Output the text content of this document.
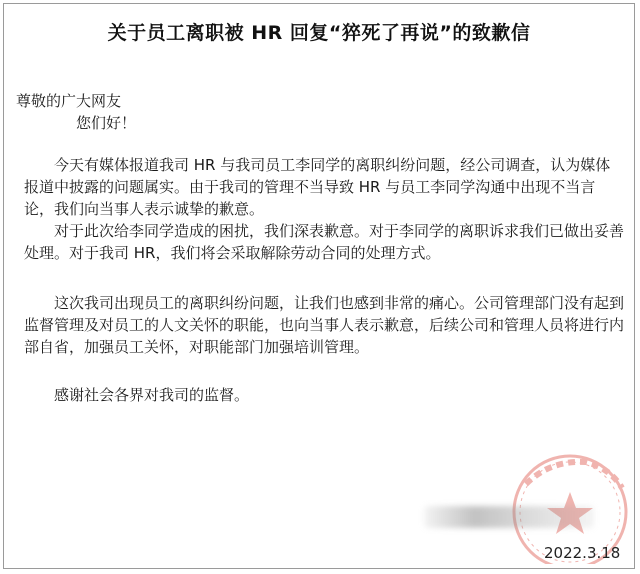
关于员工离职被 HR 回复“猝死了再说”的致歉信
尊敬的广大网友
您们好！

今天有媒体报道我司 HR 与我司员工李同学的离职纠纷问题，经公司调查，认为媒体报道中披露的问题属实。由于我司的管理不当导致 HR 与员工李同学沟通中出现不当言论，我们向当事人表示诚挚的歉意。

对于此次给李同学造成的困扰，我们深表歉意。对于李同学的离职诉求我们已做出妥善处理。对于我司 HR，我们将会采取解除劳动合同的处理方式。

这次我司出现员工的离职纠纷问题，让我们也感到非常的痛心。公司管理部门没有起到监督管理及对员工的人文关怀的职能，也向当事人表示歉意，后续公司和管理人员将进行内部自省，加强员工关怀，对职能部门加强培训管理。

感谢社会各界对我司的监督。

2022.3.18
